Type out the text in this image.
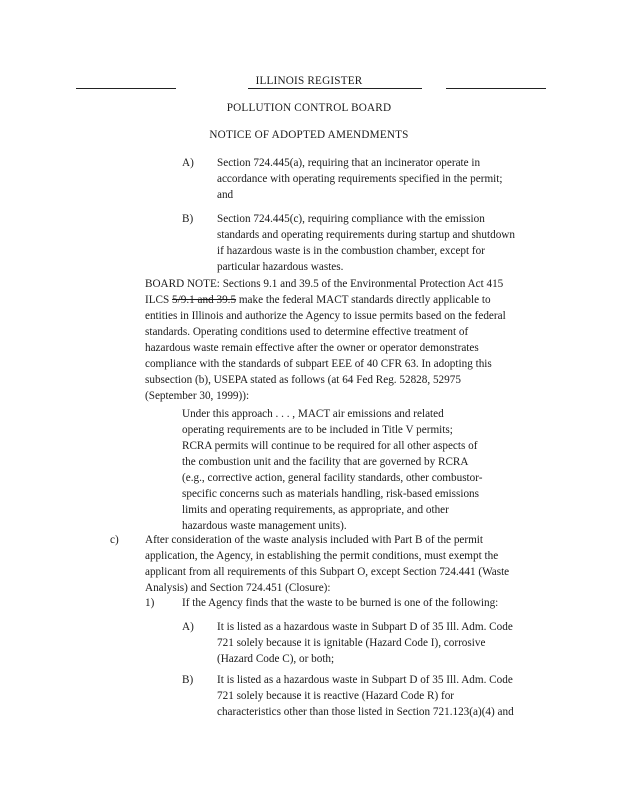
ILLINOIS REGISTER
POLLUTION CONTROL BOARD
NOTICE OF ADOPTED AMENDMENTS
A) Section 724.445(a), requiring that an incinerator operate in
accordance with operating requirements specified in the permit;
and
B) Section 724.445(c), requiring compliance with the emission
standards and operating requirements during startup and shutdown
if hazardous waste is in the combustion chamber, except for
particular hazardous wastes.
BOARD NOTE: Sections 9.1 and 39.5 of the Environmental Protection Act 415
ILCS 5/9.1 and 39.5 make the federal MACT standards directly applicable to
entities in Illinois and authorize the Agency to issue permits based on the federal
standards. Operating conditions used to determine effective treatment of
hazardous waste remain effective after the owner or operator demonstrates
compliance with the standards of subpart EEE of 40 CFR 63. In adopting this
subsection (b), USEPA stated as follows (at 64 Fed Reg. 52828, 52975
(September 30, 1999)):
Under this approach . . . , MACT air emissions and related
operating requirements are to be included in Title V permits;
RCRA permits will continue to be required for all other aspects of
the combustion unit and the facility that are governed by RCRA
(e.g., corrective action, general facility standards, other combustor-
specific concerns such as materials handling, risk-based emissions
limits and operating requirements, as appropriate, and other
hazardous waste management units).
c) After consideration of the waste analysis included with Part B of the permit
application, the Agency, in establishing the permit conditions, must exempt the
applicant from all requirements of this Subpart O, except Section 724.441 (Waste
Analysis) and Section 724.451 (Closure):
1) If the Agency finds that the waste to be burned is one of the following:
A) It is listed as a hazardous waste in Subpart D of 35 Ill. Adm. Code
721 solely because it is ignitable (Hazard Code I), corrosive
(Hazard Code C), or both;
B) It is listed as a hazardous waste in Subpart D of 35 Ill. Adm. Code
721 solely because it is reactive (Hazard Code R) for
characteristics other than those listed in Section 721.123(a)(4) and
